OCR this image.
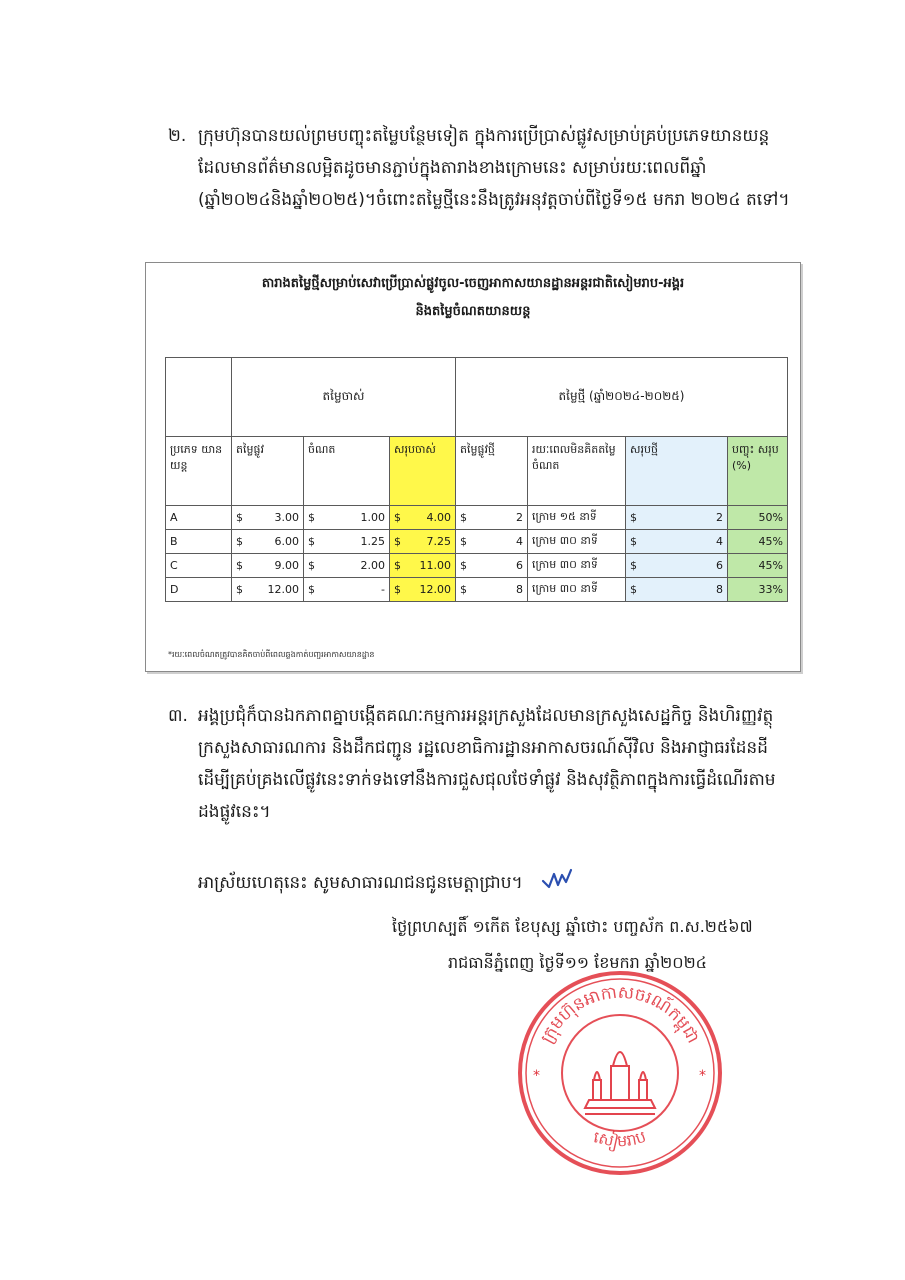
២. ក្រុមហ៊ុនបានយល់ព្រមបញ្ចុះតម្លៃបន្ថែមទៀត ក្នុងការប្រើប្រាស់ផ្លូវសម្រាប់គ្រប់ប្រភេទយានយន្ត
ដែលមានព័ត៌មានលម្អិតដូចមានភ្ជាប់ក្នុងតារាងខាងក្រោមនេះ សម្រាប់រយៈពេលពីឆ្នាំ
(ឆ្នាំ២០២៤និងឆ្នាំ២០២៥)។ចំពោះតម្លៃថ្មីនេះនឹងត្រូវអនុវត្តចាប់ពីថ្ងៃទី១៥ មករា ២០២៤ តទៅ។
តារាងតម្លៃថ្មីសម្រាប់សេវាប្រើប្រាស់ផ្លូវចូល-ចេញអាកាសយានដ្ឋានអន្តរជាតិសៀមរាប-អង្គរ
និងតម្លៃចំណតយានយន្ត
	តម្លៃចាស់			តម្លៃថ្មី (ឆ្នាំ២០២៤-២០២៥)			
ប្រភេទ យានយន្ត	តម្លៃផ្លូវ	ចំណត	សរុបចាស់	តម្លៃផ្លូវថ្មី	រយៈពេលមិនគិតតម្លៃចំណត	សរុបថ្មី	បញ្ចុះ សរុប (%)
A	$ 3.00	$ 1.00	$ 4.00	$ 2	ក្រោម ១៥ នាទី	$ 2	50%
B	$ 6.00	$ 1.25	$ 7.25	$ 4	ក្រោម ៣០ នាទី	$ 4	45%
C	$ 9.00	$ 2.00	$ 11.00	$ 6	ក្រោម ៣០ នាទី	$ 6	45%
D	$ 12.00	$ -	$ 12.00	$ 8	ក្រោម ៣០ នាទី	$ 8	33%
*រយៈពេលចំណតត្រូវបានគិតចាប់ពីពេលឆ្លងកាត់បញ្ជរអាកាសយានដ្ឋាន
៣. អង្គប្រជុំក៏បានឯកភាពគ្នាបង្កើតគណៈកម្មការអន្តរក្រសួងដែលមានក្រសួងសេដ្ឋកិច្ច និងហិរញ្ញវត្ថុ
ក្រសួងសាធារណការ និងដឹកជញ្ជូន រដ្ឋលេខាធិការដ្ឋានអាកាសចរណ៍ស៊ីវិល និងអាជ្ញាធរដែនដី
ដើម្បីគ្រប់គ្រងលើផ្លូវនេះទាក់ទងទៅនឹងការជួសជុលថែទាំផ្លូវ និងសុវត្ថិភាពក្នុងការធ្វើដំណើរតាម
ដងផ្លូវនេះ។
អាស្រ័យហេតុនេះ សូមសាធារណជនជូនមេត្តាជ្រាប។
ថ្ងៃព្រហស្បតិ៍ ១កើត ខែបុស្ស ឆ្នាំថោះ បញ្ចស័ក ព.ស.២៥៦៧
រាជធានីភ្នំពេញ ថ្ងៃទី១១ ខែមករា ឆ្នាំ២០២៤
ក្រុមហ៊ុនអាកាសចរណ៍កម្ពុជា
សៀមរាប
*	*
